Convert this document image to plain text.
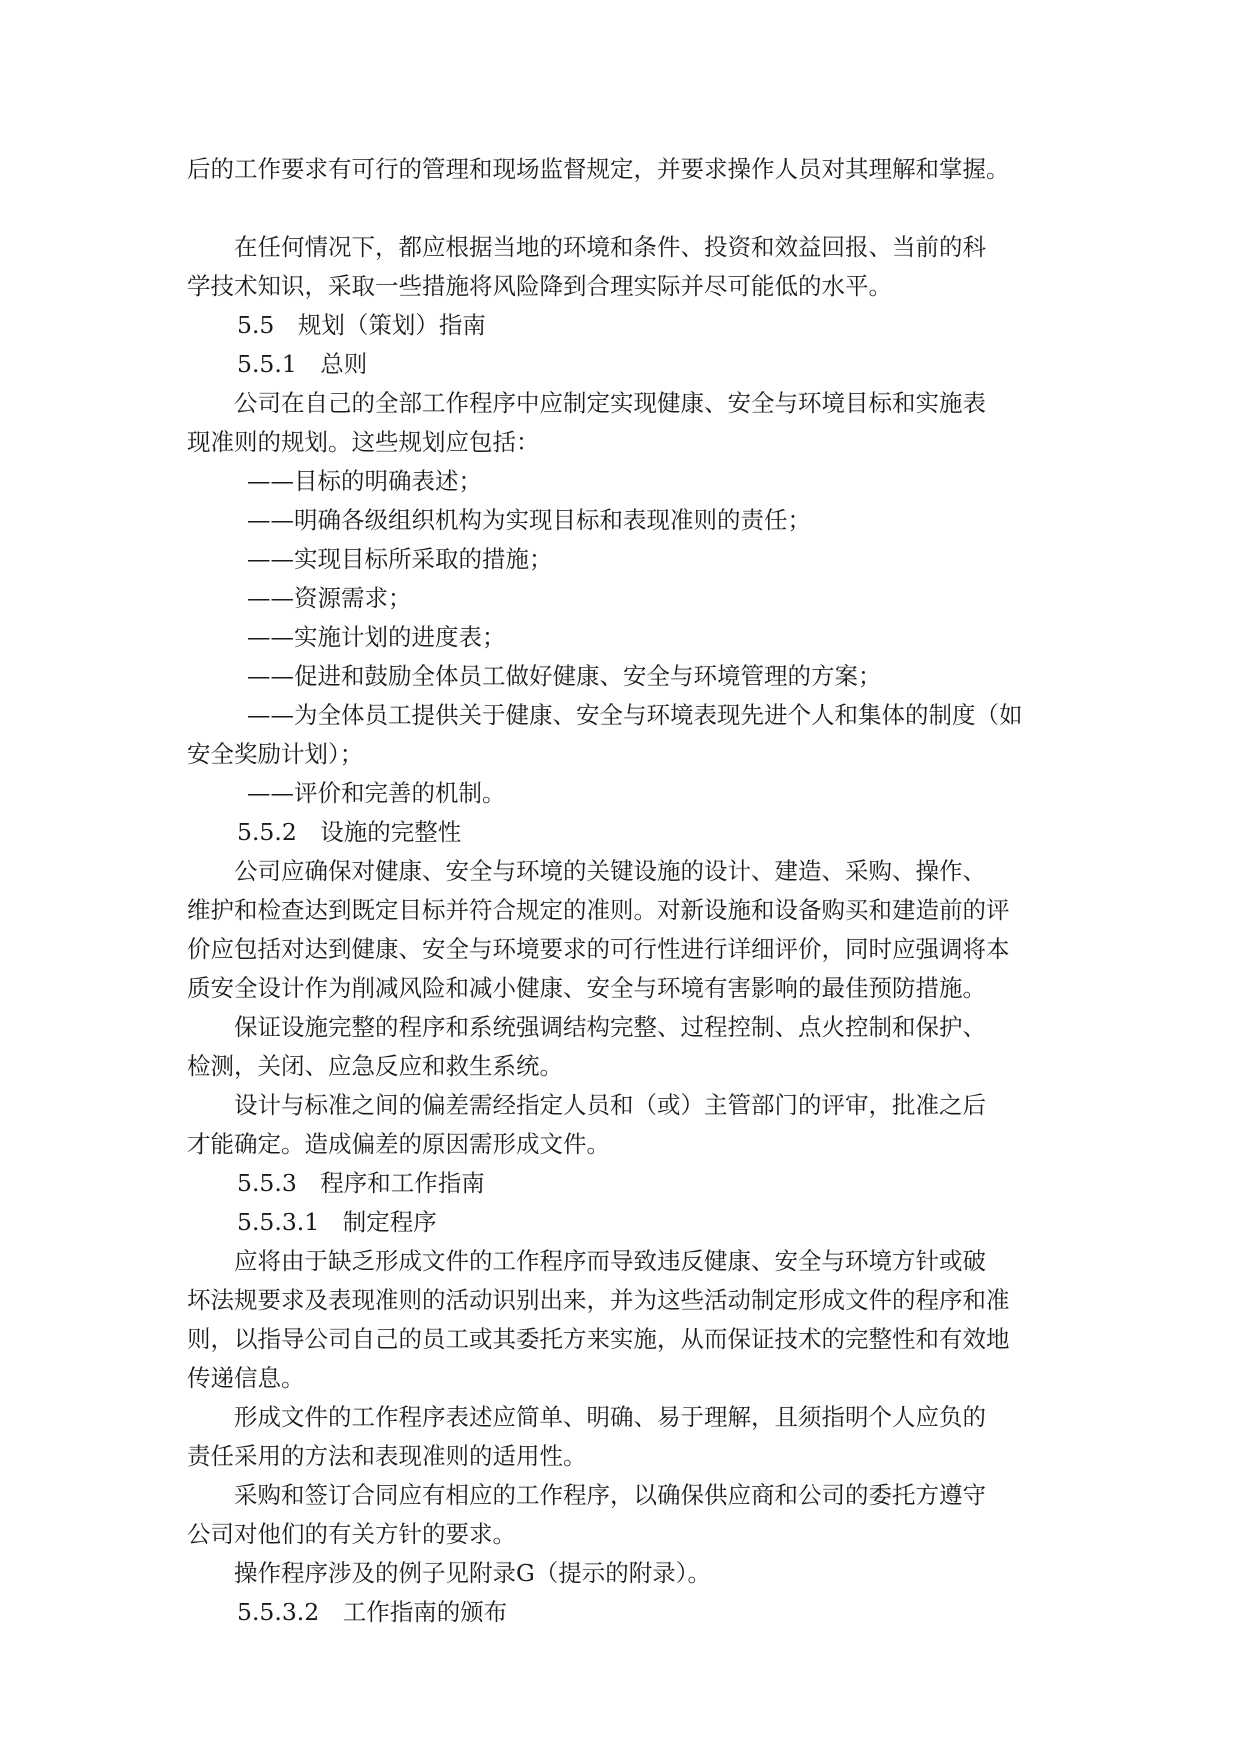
后的工作要求有可行的管理和现场监督规定，并要求操作人员对其理解和掌握。
在任何情况下，都应根据当地的环境和条件、投资和效益回报、当前的科
学技术知识，采取一些措施将风险降到合理实际并尽可能低的水平。
5.5　规划（策划）指南
5.5.1　总则
公司在自己的全部工作程序中应制定实现健康、安全与环境目标和实施表
现准则的规划。这些规划应包括：
——目标的明确表述；
——明确各级组织机构为实现目标和表现准则的责任；
——实现目标所采取的措施；
——资源需求；
——实施计划的进度表；
——促进和鼓励全体员工做好健康、安全与环境管理的方案；
——为全体员工提供关于健康、安全与环境表现先进个人和集体的制度（如
安全奖励计划）；
——评价和完善的机制。
5.5.2　设施的完整性
公司应确保对健康、安全与环境的关键设施的设计、建造、采购、操作、
维护和检查达到既定目标并符合规定的准则。对新设施和设备购买和建造前的评
价应包括对达到健康、安全与环境要求的可行性进行详细评价，同时应强调将本
质安全设计作为削减风险和减小健康、安全与环境有害影响的最佳预防措施。
保证设施完整的程序和系统强调结构完整、过程控制、点火控制和保护、
检测，关闭、应急反应和救生系统。
设计与标准之间的偏差需经指定人员和（或）主管部门的评审，批准之后
才能确定。造成偏差的原因需形成文件。
5.5.3　程序和工作指南
5.5.3.1　制定程序
应将由于缺乏形成文件的工作程序而导致违反健康、安全与环境方针或破
坏法规要求及表现准则的活动识别出来，并为这些活动制定形成文件的程序和准
则，以指导公司自己的员工或其委托方来实施，从而保证技术的完整性和有效地
传递信息。
形成文件的工作程序表述应简单、明确、易于理解，且须指明个人应负的
责任采用的方法和表现准则的适用性。
采购和签订合同应有相应的工作程序，以确保供应商和公司的委托方遵守
公司对他们的有关方针的要求。
操作程序涉及的例子见附录G（提示的附录）。
5.5.3.2　工作指南的颁布
